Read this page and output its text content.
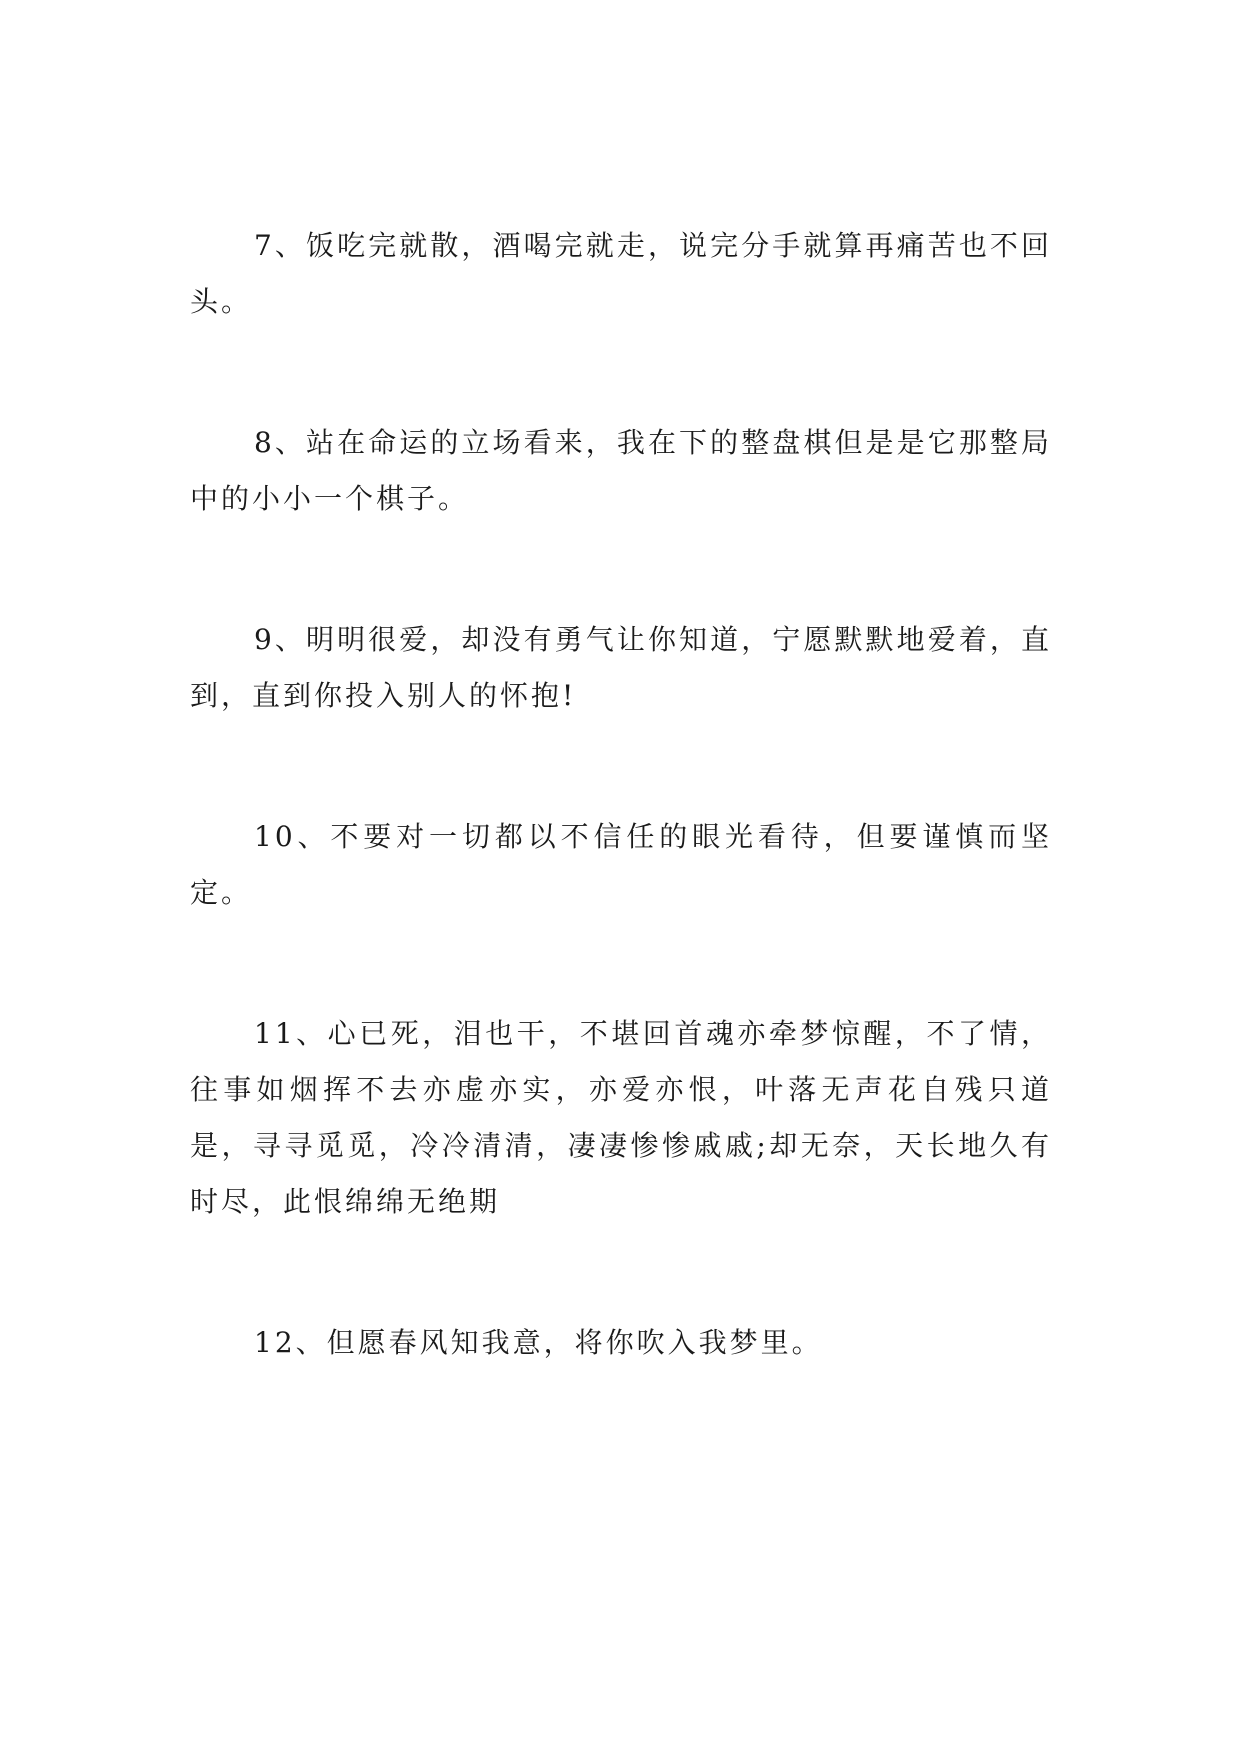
7、饭吃完就散，酒喝完就走，说完分手就算再痛苦也不回头。

8、站在命运的立场看来，我在下的整盘棋但是是它那整局中的小小一个棋子。

9、明明很爱，却没有勇气让你知道，宁愿默默地爱着，直到，直到你投入别人的怀抱!

10、不要对一切都以不信任的眼光看待，但要谨慎而坚定。

11、心已死，泪也干，不堪回首魂亦牵梦惊醒，不了情，往事如烟挥不去亦虚亦实，亦爱亦恨，叶落无声花自残只道是，寻寻觅觅，冷冷清清，凄凄惨惨戚戚;却无奈，天长地久有时尽，此恨绵绵无绝期

12、但愿春风知我意，将你吹入我梦里。
